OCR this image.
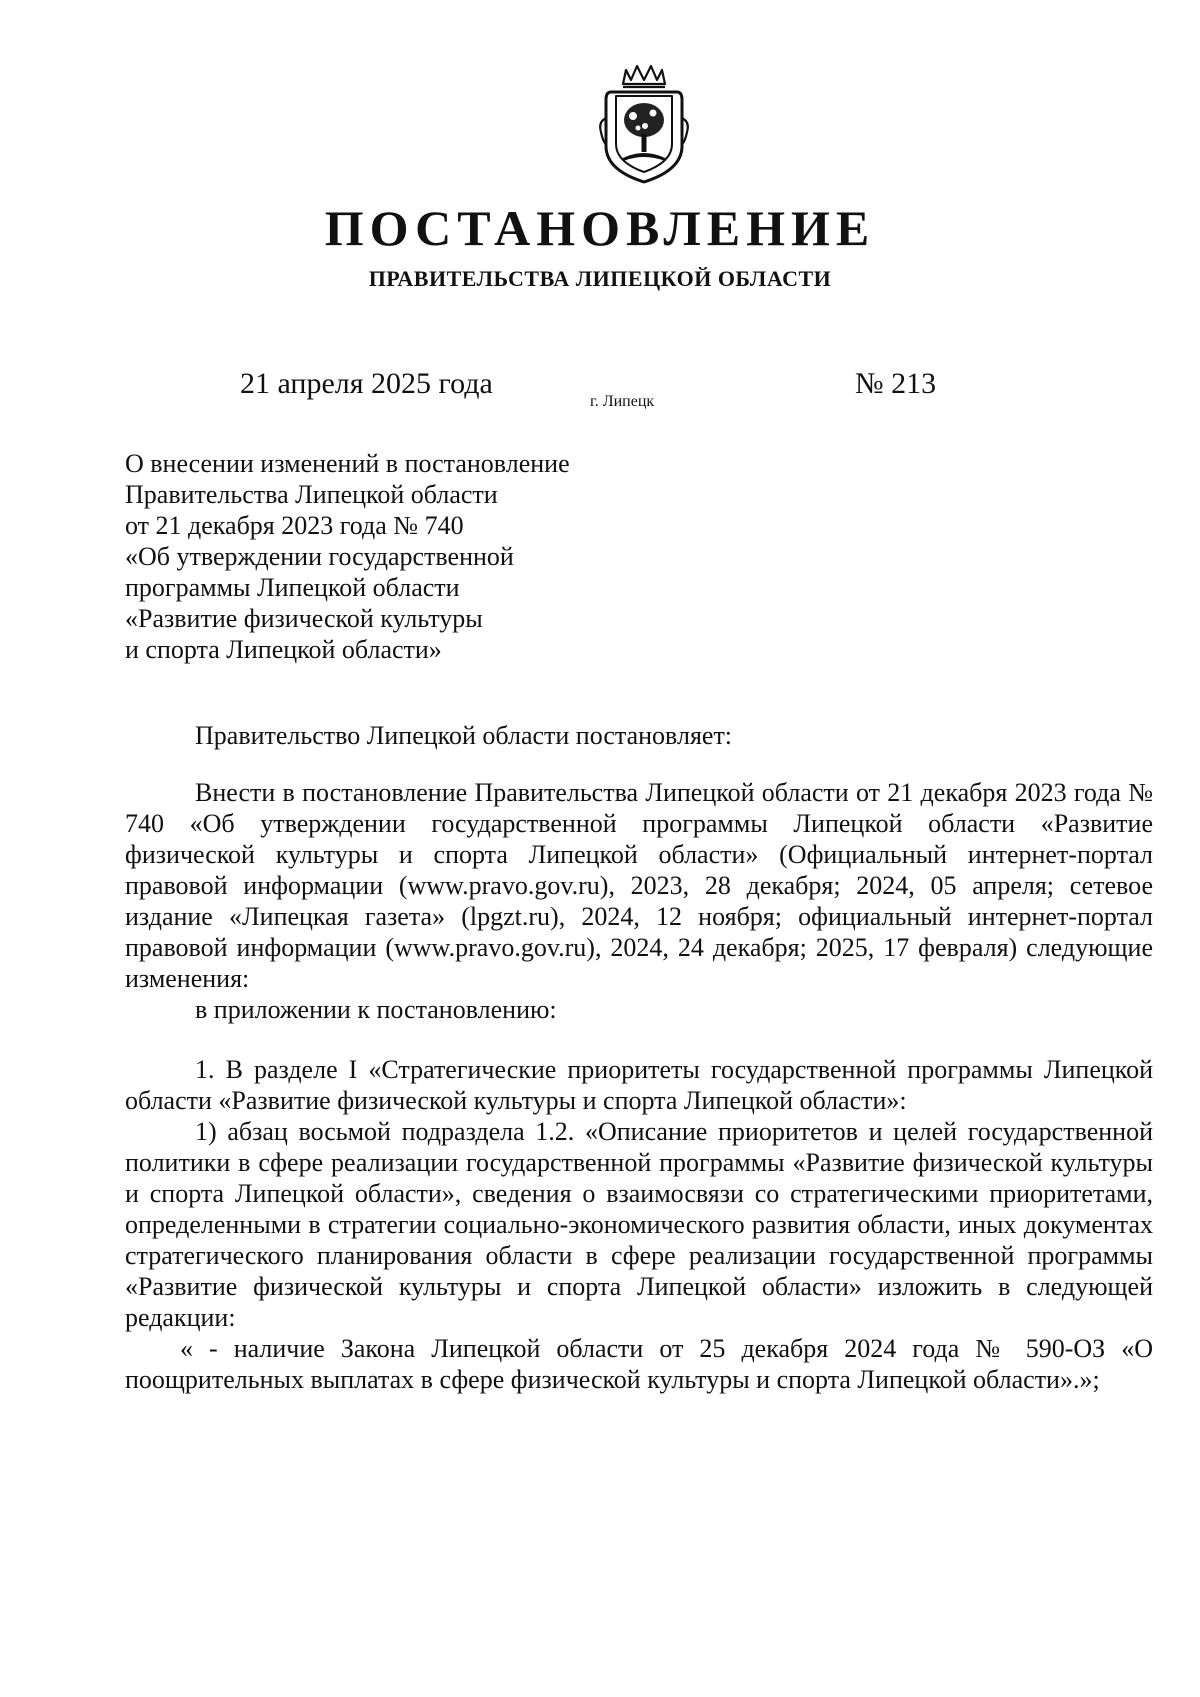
ПОСТАНОВЛЕНИЕ
ПРАВИТЕЛЬСТВА ЛИПЕЦКОЙ ОБЛАСТИ
21 апреля 2025 года
г. Липецк
№ 213
О внесении изменений в постановление
Правительства Липецкой области
от 21 декабря 2023 года № 740
«Об утверждении государственной
программы Липецкой области
«Развитие физической культуры
и спорта Липецкой области»

Правительство Липецкой области постановляет:

Внести в постановление Правительства Липецкой области от 21 декабря 2023 года № 740 «Об утверждении государственной программы Липецкой области «Развитие физической культуры и спорта Липецкой области» (Официальный интернет-портал правовой информации (www.pravo.gov.ru), 2023, 28 декабря; 2024, 05 апреля; сетевое издание «Липецкая газета» (lpgzt.ru), 2024, 12 ноября; официальный интернет-портал правовой информации (www.pravo.gov.ru), 2024, 24 декабря; 2025, 17 февраля) следующие изменения:

в приложении к постановлению:

1. В разделе I «Стратегические приоритеты государственной программы Липецкой области «Развитие физической культуры и спорта Липецкой области»:

1) абзац восьмой подраздела 1.2. «Описание приоритетов и целей государственной политики в сфере реализации государственной программы «Развитие физической культуры и спорта Липецкой области», сведения о взаимосвязи со стратегическими приоритетами, определенными в стратегии социально-экономического развития области, иных документах стратегического планирования области в сфере реализации государственной программы «Развитие физической культуры и спорта Липецкой области» изложить в следующей редакции:

« - наличие Закона Липецкой области от 25 декабря 2024 года № 590-ОЗ «О поощрительных выплатах в сфере физической культуры и спорта Липецкой области».»;
